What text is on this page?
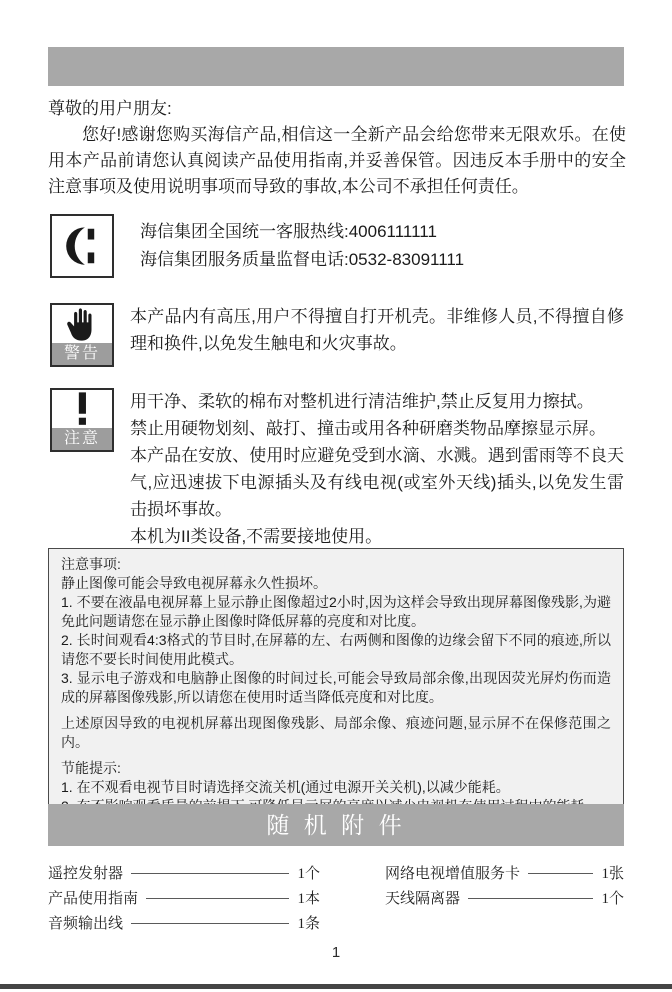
尊敬的用户朋友:

您好!感谢您购买海信产品,相信这一全新产品会给您带来无限欢乐。在使用本产品前请您认真阅读产品使用指南,并妥善保管。因违反本手册中的安全注意事项及使用说明事项而导致的事故,本公司不承担任何责任。

海信集团全国统一客服热线:4006111111
海信集团服务质量监督电话:0532-83091111
警告

本产品内有高压,用户不得擅自打开机壳。非维修人员,不得擅自修理和换件,以免发生触电和火灾事故。

注意

用干净、柔软的棉布对整机进行清洁维护,禁止反复用力擦拭。

禁止用硬物划刻、敲打、撞击或用各种研磨类物品摩擦显示屏。

本产品在安放、使用时应避免受到水滴、水溅。遇到雷雨等不良天气,应迅速拔下电源插头及有线电视(或室外天线)插头,以免发生雷击损坏事故。

本机为II类设备,不需要接地使用。

注意事项:

静止图像可能会导致电视屏幕永久性损坏。

1. 不要在液晶电视屏幕上显示静止图像超过2小时,因为这样会导致出现屏幕图像残影,为避免此问题请您在显示静止图像时降低屏幕的亮度和对比度。

2. 长时间观看4:3格式的节目时,在屏幕的左、右两侧和图像的边缘会留下不同的痕迹,所以请您不要长时间使用此模式。

3. 显示电子游戏和电脑静止图像的时间过长,可能会导致局部余像,出现因荧光屏灼伤而造成的屏幕图像残影,所以请您在使用时适当降低亮度和对比度。

上述原因导致的电视机屏幕出现图像残影、局部余像、痕迹问题,显示屏不在保修范围之内。

节能提示:

1. 在不观看电视节目时请选择交流关机(通过电源开关关机),以减少能耗。

随 机 附 件
遥控发射器	1个
产品使用指南	1本
音频输出线	1条
网络电视增值服务卡	1张
天线隔离器	1个
1
